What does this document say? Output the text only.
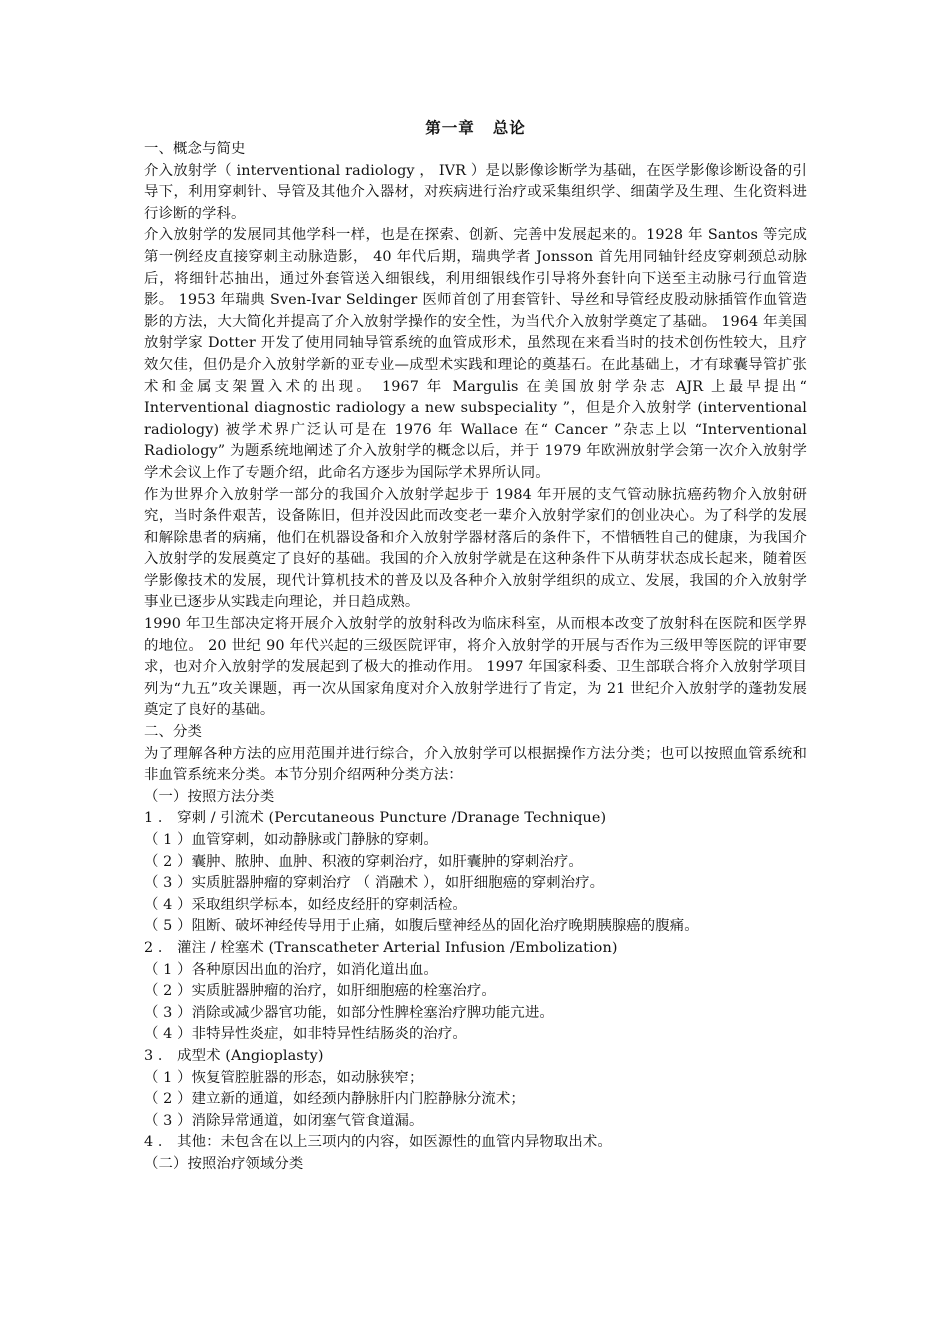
第一章 总论

一、概念与简史

介入放射学（ interventional radiology ， IVR ）是以影像诊断学为基础，在医学影像诊断设备的引导下，利用穿刺针、导管及其他介入器材，对疾病进行治疗或采集组织学、细菌学及生理、生化资料进行诊断的学科。

介入放射学的发展同其他学科一样，也是在探索、创新、完善中发展起来的。1928 年 Santos 等完成第一例经皮直接穿刺主动脉造影， 40 年代后期，瑞典学者 Jonsson 首先用同轴针经皮穿刺颈总动脉后，将细针芯抽出，通过外套管送入细银线，利用细银线作引导将外套针向下送至主动脉弓行血管造影。 1953 年瑞典 Sven-Ivar Seldinger 医师首创了用套管针、导丝和导管经皮股动脉插管作血管造影的方法，大大简化并提高了介入放射学操作的安全性，为当代介入放射学奠定了基础。 1964 年美国放射学家 Dotter 开发了使用同轴导管系统的血管成形术，虽然现在来看当时的技术创伤性较大，且疗效欠佳，但仍是介入放射学新的亚专业—成型术实践和理论的奠基石。在此基础上，才有球囊导管扩张术和金属支架置入术的出现。 1967 年 Margulis 在美国放射学杂志 AJR 上最早提出“ Interventional diagnostic radiology a new subspeciality ”，但是介入放射学 (interventional radiology) 被学术界广泛认可是在 1976 年 Wallace 在“ Cancer ”杂志上以 “Interventional Radiology” 为题系统地阐述了介入放射学的概念以后，并于 1979 年欧洲放射学会第一次介入放射学学术会议上作了专题介绍，此命名方逐步为国际学术界所认同。

作为世界介入放射学一部分的我国介入放射学起步于 1984 年开展的支气管动脉抗癌药物介入放射研究，当时条件艰苦，设备陈旧，但并没因此而改变老一辈介入放射学家们的创业决心。为了科学的发展和解除患者的病痛，他们在机器设备和介入放射学器材落后的条件下，不惜牺牲自己的健康，为我国介入放射学的发展奠定了良好的基础。我国的介入放射学就是在这种条件下从萌芽状态成长起来，随着医学影像技术的发展，现代计算机技术的普及以及各种介入放射学组织的成立、发展，我国的介入放射学事业已逐步从实践走向理论，并日趋成熟。

1990 年卫生部决定将开展介入放射学的放射科改为临床科室，从而根本改变了放射科在医院和医学界的地位。 20 世纪 90 年代兴起的三级医院评审，将介入放射学的开展与否作为三级甲等医院的评审要求，也对介入放射学的发展起到了极大的推动作用。 1997 年国家科委、卫生部联合将介入放射学项目列为“九五”攻关课题，再一次从国家角度对介入放射学进行了肯定，为 21 世纪介入放射学的蓬勃发展奠定了良好的基础。

二、分类

为了理解各种方法的应用范围并进行综合，介入放射学可以根据操作方法分类；也可以按照血管系统和非血管系统来分类。本节分别介绍两种分类方法：

（一）按照方法分类

1 ． 穿刺 / 引流术 (Percutaneous Puncture /Dranage Technique)

（ 1 ）血管穿刺，如动静脉或门静脉的穿刺。

（ 2 ）囊肿、脓肿、血肿、积液的穿刺治疗，如肝囊肿的穿刺治疗。

（ 3 ）实质脏器肿瘤的穿刺治疗 （ 消融术 ），如肝细胞癌的穿刺治疗。

（ 4 ）采取组织学标本，如经皮经肝的穿刺活检。

（ 5 ）阻断、破坏神经传导用于止痛，如腹后壁神经丛的固化治疗晚期胰腺癌的腹痛。

2 ． 灌注 / 栓塞术 (Transcatheter Arterial Infusion /Embolization)

（ 1 ）各种原因出血的治疗，如消化道出血。

（ 2 ）实质脏器肿瘤的治疗，如肝细胞癌的栓塞治疗。

（ 3 ）消除或减少器官功能，如部分性脾栓塞治疗脾功能亢进。

（ 4 ）非特异性炎症，如非特异性结肠炎的治疗。

3 ． 成型术 (Angioplasty)

（ 1 ）恢复管腔脏器的形态，如动脉狭窄；

（ 2 ）建立新的通道，如经颈内静脉肝内门腔静脉分流术；

（ 3 ）消除异常通道，如闭塞气管食道漏。

4 ． 其他：未包含在以上三项内的内容，如医源性的血管内异物取出术。

（二）按照治疗领域分类
